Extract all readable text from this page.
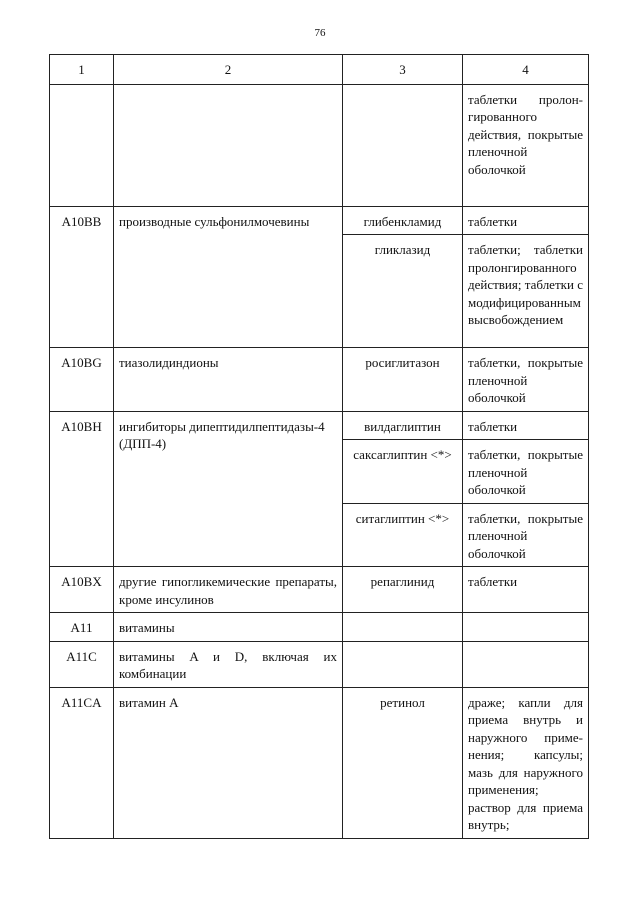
76
1	2	3	4
			таблетки пролонгированного действия, покрытые пленочной оболочкой
A10BB	производные сульфонилмочевины	глибенкламид	таблетки
		гликлазид	таблетки; таблетки пролонгированного действия; таблетки с модифицированным высвобождением
A10BG	тиазолидиндионы	росиглитазон	таблетки, покрытые пленочной оболочкой
A10BH	ингибиторы дипептидилпептидазы-4 (ДПП-4)	вилдаглиптин	таблетки
		саксаглиптин <*>	таблетки, покрытые пленочной оболочкой
		ситаглиптин <*>	таблетки, покрытые пленочной оболочкой
A10BX	другие гипогликемические препараты, кроме инсулинов	репаглинид	таблетки
A11	витамины		
A11C	витамины A и D, включая их комбинации		
A11CA	витамин A	ретинол	драже; капли для приема внутрь и наружного применения; капсулы; мазь для наружного применения; раствор для приема внутрь;
